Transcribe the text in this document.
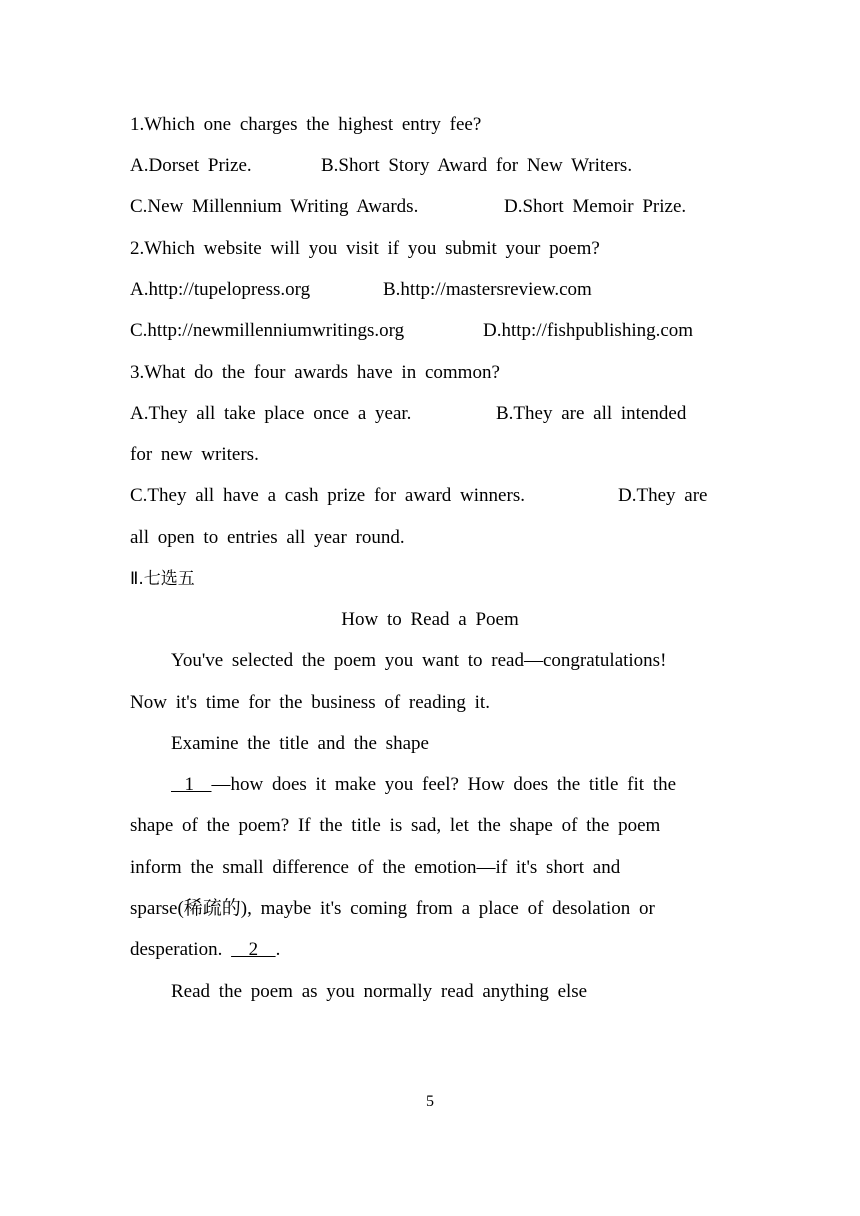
1.Which one charges the highest entry fee?
A.Dorset Prize.	B.Short Story Award for New Writers.
C.New Millennium Writing Awards.	D.Short Memoir Prize.
2.Which website will you visit if you submit your poem?
A.http://tupelopress.org	B.http://mastersreview.com
C.http://newmillenniumwritings.org	D.http://fishpublishing.com
3.What do the four awards have in common?
A.They all take place once a year.	B.They are all intended
for new writers.
C.They all have a cash prize for award winners.	D.They are
all open to entries all year round.
Ⅱ.七选五
How to Read a Poem
You've selected the poem you want to read—congratulations!
Now it's time for the business of reading it.
Examine the title and the shape
1  —how does it make you feel? How does the title fit the
shape of the poem? If the title is sad, let the shape of the poem
inform the small difference of the emotion—if it's short and
sparse(稀疏的), maybe it's coming from a place of desolation or
desperation.   2  .
Read the poem as you normally read anything else
5
